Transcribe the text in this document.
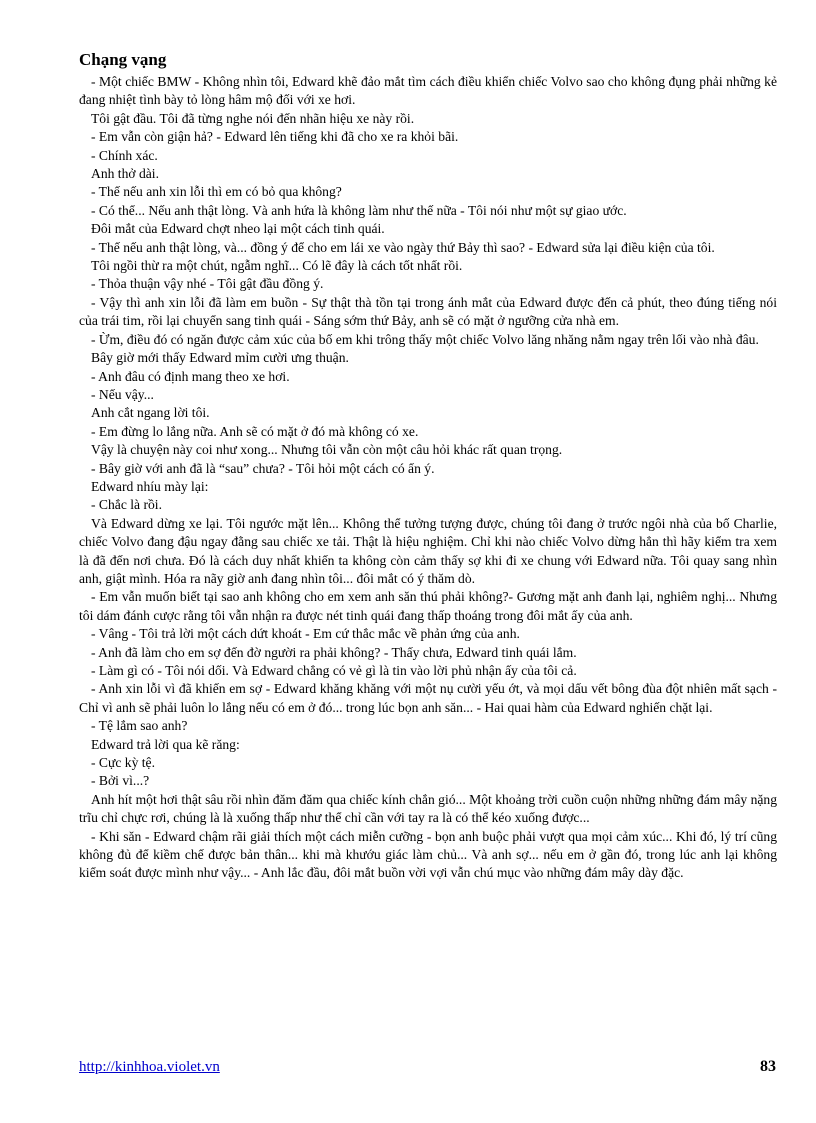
Chạng vạng

- Một chiếc BMW - Không nhìn tôi, Edward khẽ đảo mắt tìm cách điều khiển chiếc Volvo sao cho không đụng phải những kẻ đang nhiệt tình bày tỏ lòng hâm mộ đối với xe hơi.

Tôi gật đầu. Tôi đã từng nghe nói đến nhãn hiệu xe này rồi.

- Em vẫn còn giận hả? - Edward lên tiếng khi đã cho xe ra khỏi bãi.

- Chính xác.

Anh thở dài.

- Thế nếu anh xin lỗi thì em có bỏ qua không?

- Có thể... Nếu anh thật lòng. Và anh hứa là không làm như thế nữa - Tôi nói như một sự giao ước.

Đôi mắt của Edward chợt nheo lại một cách tinh quái.

- Thế nếu anh thật lòng, và... đồng ý để cho em lái xe vào ngày thứ Bảy thì sao? - Edward sửa lại điều kiện của tôi.

Tôi ngồi thừ ra một chút, ngẫm nghĩ... Có lẽ đây là cách tốt nhất rồi.

- Thỏa thuận vậy nhé - Tôi gật đầu đồng ý.

- Vậy thì anh xin lỗi đã làm em buồn - Sự thật thà tồn tại trong ánh mắt của Edward được đến cả phút, theo đúng tiếng nói của trái tim, rồi lại chuyển sang tinh quái - Sáng sớm thứ Bảy, anh sẽ có mặt ở ngưỡng cửa nhà em.

- Ừm, điều đó có ngăn được cảm xúc của bố em khi trông thấy một chiếc Volvo lăng nhăng nằm ngay trên lối vào nhà đâu.

Bây giờ mới thấy Edward mỉm cười ưng thuận.

- Anh đâu có định mang theo xe hơi.

- Nếu vậy...

Anh cắt ngang lời tôi.

- Em đừng lo lắng nữa. Anh sẽ có mặt ở đó mà không có xe.

Vậy là chuyện này coi như xong... Nhưng tôi vẫn còn một câu hỏi khác rất quan trọng.

- Bây giờ với anh đã là “sau” chưa? - Tôi hỏi một cách có ẩn ý.

Edward nhíu mày lại:

- Chắc là rồi.

Và Edward dừng xe lại. Tôi ngước mặt lên... Không thể tưởng tượng được, chúng tôi đang ở trước ngôi nhà của bố Charlie, chiếc Volvo đang đậu ngay đằng sau chiếc xe tải. Thật là hiệu nghiệm. Chỉ khi nào chiếc Volvo dừng hẳn thì hãy kiểm tra xem là đã đến nơi chưa. Đó là cách duy nhất khiến ta không còn cảm thấy sợ khi đi xe chung với Edward nữa. Tôi quay sang nhìn anh, giật mình. Hóa ra nãy giờ anh đang nhìn tôi... đôi mắt có ý thăm dò.

- Em vẫn muốn biết tại sao anh không cho em xem anh săn thú phải không?- Gương mặt anh đanh lại, nghiêm nghị... Nhưng tôi dám đánh cược rằng tôi vẫn nhận ra được nét tinh quái đang thấp thoáng trong đôi mắt ấy của anh.

- Vâng - Tôi trả lời một cách dứt khoát - Em cứ thắc mắc về phản ứng của anh.

- Anh đã làm cho em sợ đến đờ người ra phải không? - Thấy chưa, Edward tinh quái lắm.

- Làm gì có - Tôi nói dối. Và Edward chẳng có vẻ gì là tin vào lời phủ nhận ấy của tôi cả.

- Anh xin lỗi vì đã khiến em sợ - Edward khăng khăng với một nụ cười yếu ớt, và mọi dấu vết bông đùa đột nhiên mất sạch - Chỉ vì anh sẽ phải luôn lo lắng nếu có em ở đó... trong lúc bọn anh săn... - Hai quai hàm của Edward nghiến chặt lại.

- Tệ lắm sao anh?

Edward trả lời qua kẽ răng:

- Cực kỳ tệ.

- Bởi vì...?

Anh hít một hơi thật sâu rồi nhìn đăm đăm qua chiếc kính chắn gió... Một khoảng trời cuồn cuộn những những đám mây nặng trĩu chỉ chực rơi, chúng là là xuống thấp như thể chỉ cần với tay ra là có thể kéo xuống được...

- Khi săn - Edward chậm rãi giải thích một cách miễn cưỡng - bọn anh buộc phải vượt qua mọi cảm xúc... Khi đó, lý trí cũng không đủ để kiềm chế được bản thân... khi mà khướu giác làm chủ... Và anh sợ... nếu em ở gần đó, trong lúc anh lại không kiểm soát được mình như vậy... - Anh lắc đầu, đôi mắt buồn vời vợi vẫn chú mục vào những đám mây dày đặc.

http://kinhhoa.violet.vn	83
